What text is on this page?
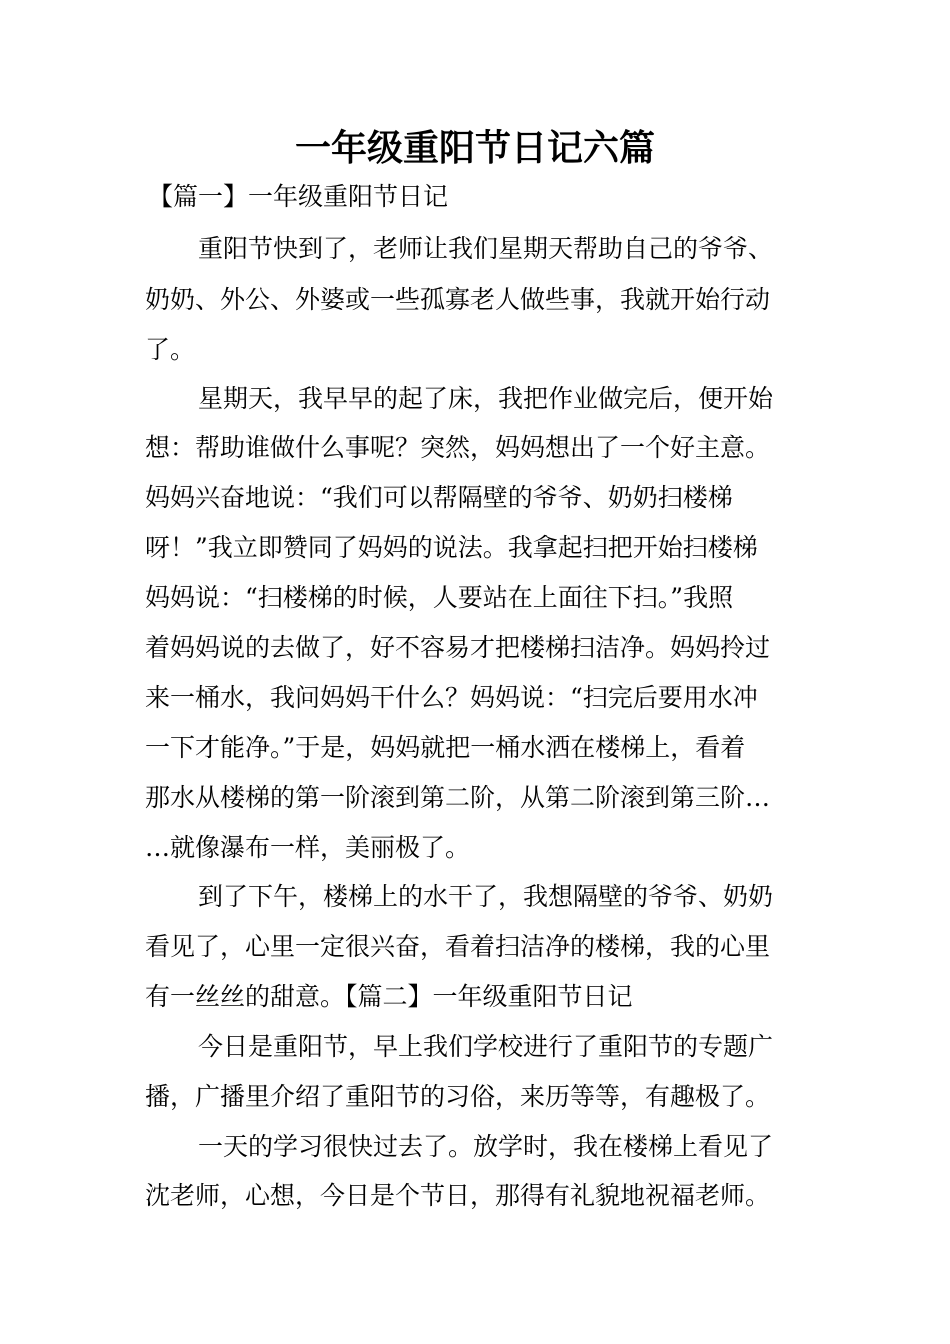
一年级重阳节日记六篇
【篇一】一年级重阳节日记
重阳节快到了，老师让我们星期天帮助自己的爷爷、
奶奶、外公、外婆或一些孤寡老人做些事，我就开始行动
了。
星期天，我早早的起了床，我把作业做完后，便开始
想：帮助谁做什么事呢？突然，妈妈想出了一个好主意。
妈妈兴奋地说：“我们可以帮隔壁的爷爷、奶奶扫楼梯
呀！”我立即赞同了妈妈的说法。我拿起扫把开始扫楼梯
妈妈说：“扫楼梯的时候，人要站在上面往下扫。”我照
着妈妈说的去做了，好不容易才把楼梯扫洁净。妈妈拎过
来一桶水，我问妈妈干什么？妈妈说：“扫完后要用水冲
一下才能净。”于是，妈妈就把一桶水洒在楼梯上，看着
那水从楼梯的第一阶滚到第二阶，从第二阶滚到第三阶…
…就像瀑布一样，美丽极了。
到了下午，楼梯上的水干了，我想隔壁的爷爷、奶奶
看见了，心里一定很兴奋，看着扫洁净的楼梯，我的心里
有一丝丝的甜意。【篇二】一年级重阳节日记
今日是重阳节，早上我们学校进行了重阳节的专题广
播，广播里介绍了重阳节的习俗，来历等等，有趣极了。
一天的学习很快过去了。放学时，我在楼梯上看见了
沈老师，心想，今日是个节日，那得有礼貌地祝福老师。
